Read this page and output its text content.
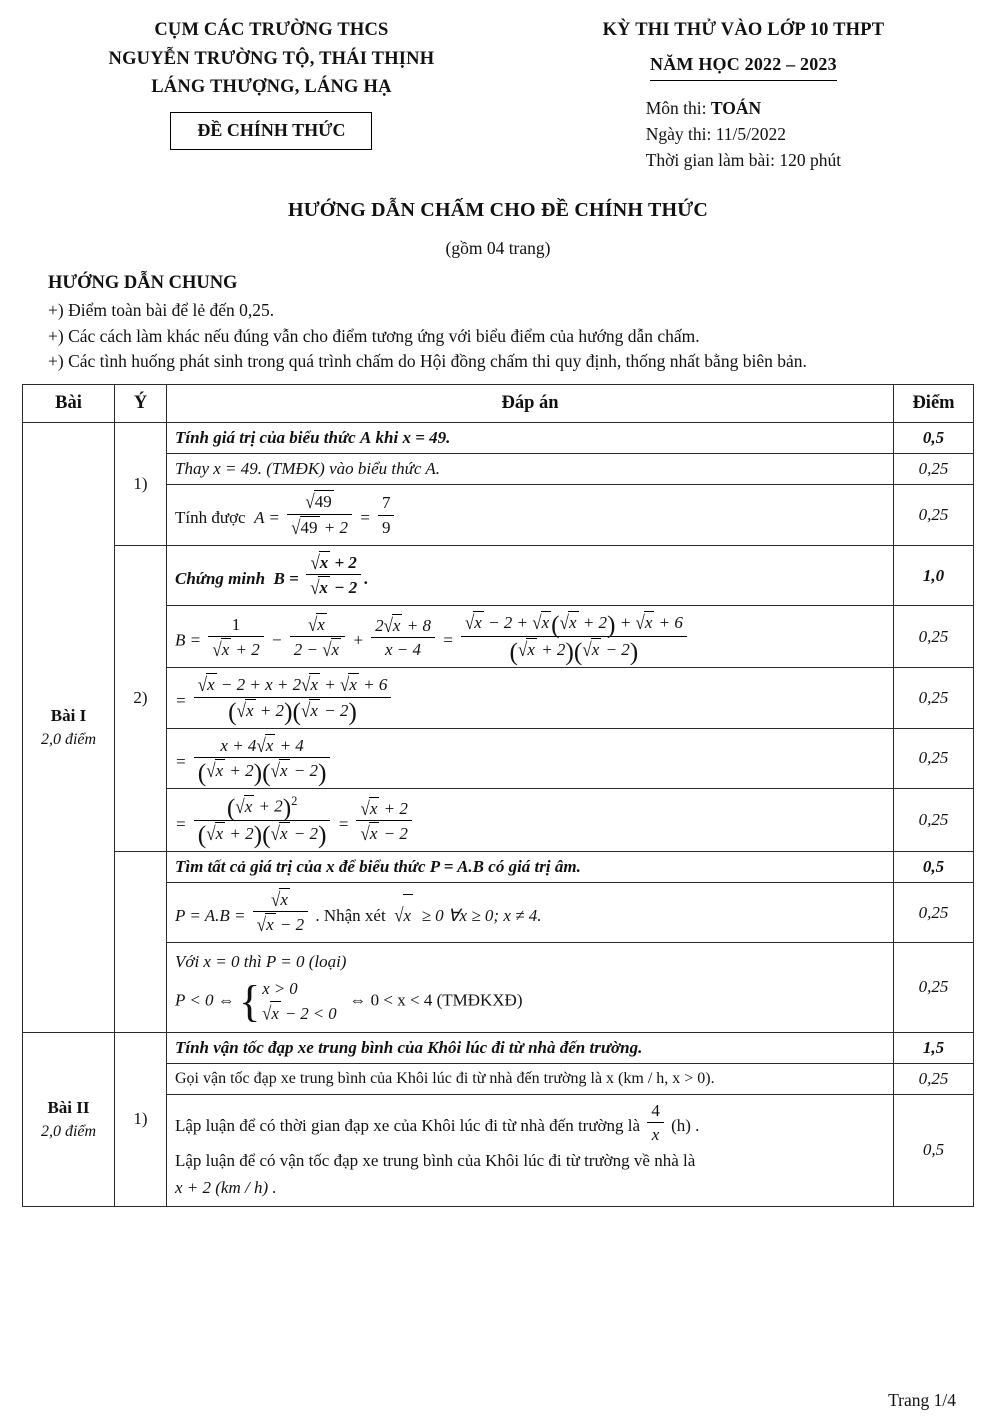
CỤM CÁC TRƯỜNG THCS
NGUYỄN TRƯỜNG TỘ, THÁI THỊNH
LÁNG THƯỢNG, LÁNG HẠ
ĐỀ CHÍNH THỨC
KỲ THI THỬ VÀO LỚP 10 THPT
NĂM HỌC 2022 – 2023
Môn thi: TOÁN
Ngày thi: 11/5/2022
Thời gian làm bài: 120 phút
HƯỚNG DẪN CHẤM CHO ĐỀ CHÍNH THỨC
(gồm 04 trang)
HƯỚNG DẪN CHUNG
+) Điểm toàn bài để lẻ đến 0,25.
+) Các cách làm khác nếu đúng vẫn cho điểm tương ứng với biểu điểm của hướng dẫn chấm.
+) Các tình huống phát sinh trong quá trình chấm do Hội đồng chấm thi quy định, thống nhất bằng biên bản.
Bài	Ý	Đáp án	Điểm

Bài I
2,0 điểm	1)	Tính giá trị của biểu thức A khi x = 49.	0,5
		Thay x = 49. (TMĐK) vào biểu thức A.	0,25

Tính được  $A = \frac{√49}{√49 + 2} = \frac{7}{9}$	0,25
	2)	Chứng minh  $B = \frac{√x + 2}{√x - 2}$ .	1,0

$B = \frac{1}{√x + 2} - \frac{√x}{2 - √x} + \frac{2√x + 8}{x - 4} = \frac{√x - 2 + √x(√x + 2) + √x + 6}{(√x + 2)(√x - 2)}$	0,25

		= $\frac{√x - 2 + x + 2√x + √x + 6}{(√x + 2)(√x - 2)}$	0,25

		= $\frac{x + 4√x + 4}{(√x + 2)(√x - 2)}$	0,25

= $\frac{(√x + 2)^2}{(√x + 2)(√x - 2)} = \frac{√x + 2}{√x - 2}$	0,25
		Tìm tất cả giá trị của x để biểu thức P = A.B có giá trị âm.	0,5

		$P = A.B = \frac{√x}{√x - 2}$ . Nhận xét √x ≥ 0 ∀x ≥ 0; x ≠ 4.	0,25

Với x = 0 thì P = 0 (loại)
P < 0 ⇔ { x > 0
√x − 2 < 0
⇔ 0 < x < 4 (TMĐKXĐ)
	0,25

Bài II
2,0 điểm	1)	Tính vận tốc đạp xe trung bình của Khôi lúc đi từ nhà đến trường.	1,5
		Gọi vận tốc đạp xe trung bình của Khôi lúc đi từ nhà đến trường là x (km / h, x > 0).	0,25

Lập luận để có thời gian đạp xe của Khôi lúc đi từ nhà đến trường là $\frac{4}{x} (h)$ .
Lập luận để có vận tốc đạp xe trung bình của Khôi lúc đi từ trường về nhà là
x + 2 (km / h) .
	0,5
Trang 1/4
